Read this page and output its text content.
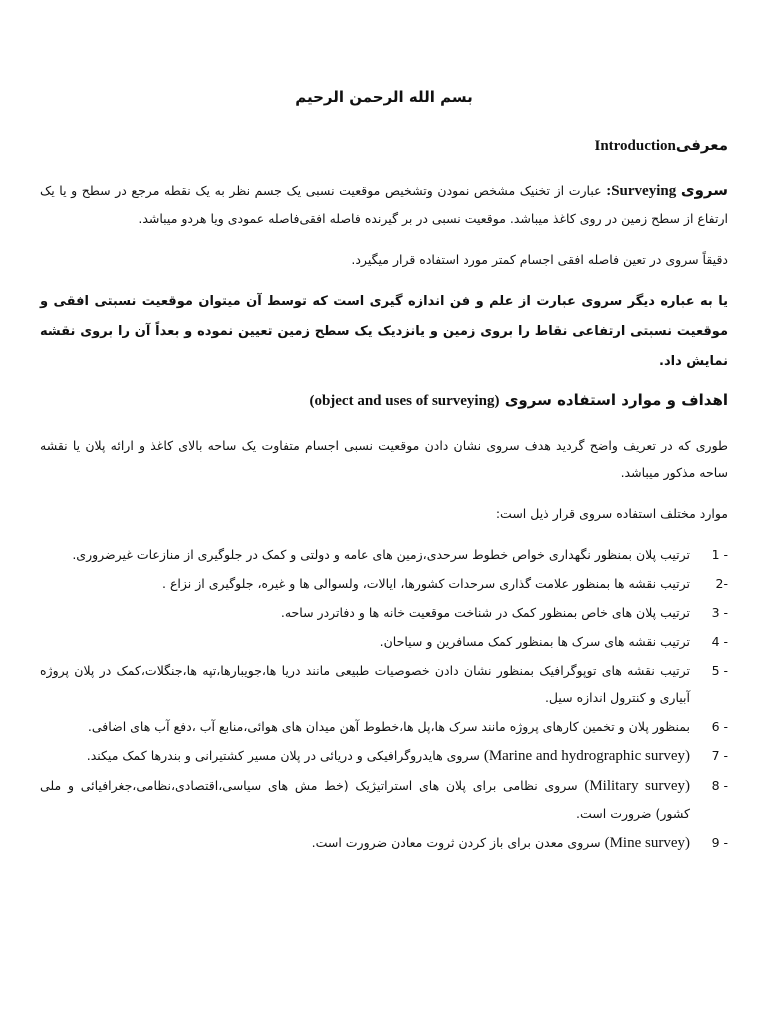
بسم الله الرحمن الرحیم
معرفیIntroduction

سروی Surveying: عبارت از تخنیک مشخص نمودن وتشخیص موقعیت نسبی یک جسم نظر به یک نقطه مرجع در سطح و یا یک ارتفاع از سطح زمین در روی کاغذ میباشد. موقعیت نسبی در بر گیرنده فاصله افقی‌فاصله عمودی ویا هردو میباشد.

دقیقاً سروی در تعین فاصله افقی اجسام کمتر مورد استفاده قرار میگیرد.

یا به عباره دیگر سروی عبارت از علم و فن اندازه گیری است که توسط آن میتوان موقعیت نسبتی افقی و موقعیت نسبتی ارتفاعی نقاط را بروی زمین و یانزدیک یک سطح زمین تعیین نموده و بعداً آن را بروی نقشه نمایش داد.

اهداف و موارد استفاده سروی (object and uses of surveying)

طوری که در تعریف واضح گردید هدف سروی نشان دادن موقعیت نسبی اجسام متفاوت یک ساحه بالای کاغذ و ارائه پلان یا نقشه ساحه مذکور میباشد.

موارد مختلف استفاده سروی قرار ذیل است:

1 -
ترتیب پلان بمنظور نگهداری خواص خطوط سرحدی،زمین های عامه و دولتی و کمک در جلوگیری از منازعات غیرضروری.
2-
ترتیب نقشه ها بمنظور علامت گذاری سرحدات کشورها، ایالات، ولسوالی ها و غیره، جلوگیری از نزاع .
3 -
ترتیب پلان های خاص بمنظور کمک در شناخت موقعیت خانه ها و دفاتردر ساحه.
4 -
ترتیب نقشه های سرک ها بمنظور کمک مسافرین و سیاحان.
5 -
ترتیب نقشه های توپوگرافیک بمنظور نشان دادن خصوصیات طبیعی مانند دریا ها،جویبارها،تپه ها،جنگلات،کمک در پلان پروژه آبیاری و کنترول اندازه سیل.
6 -
بمنظور پلان و تخمین کارهای پروژه مانند سرک ها،پل ها،خطوط آهن میدان های هوائی،منابع آب ،دفع آب های اضافی.
7 -
(Marine and hydrographic survey) سروی هایدروگرافیکی و دریائی در پلان مسیر کشتیرانی و بندرها کمک میکند.
8 -
(Military survey) سروی نظامی برای پلان های استراتیژیک (خط مش های سیاسی،اقتصادی،نظامی،جغرافیائی و ملی کشور) ضرورت است.
9 -
(Mine survey) سروی معدن برای باز کردن ثروت معادن ضرورت است.
